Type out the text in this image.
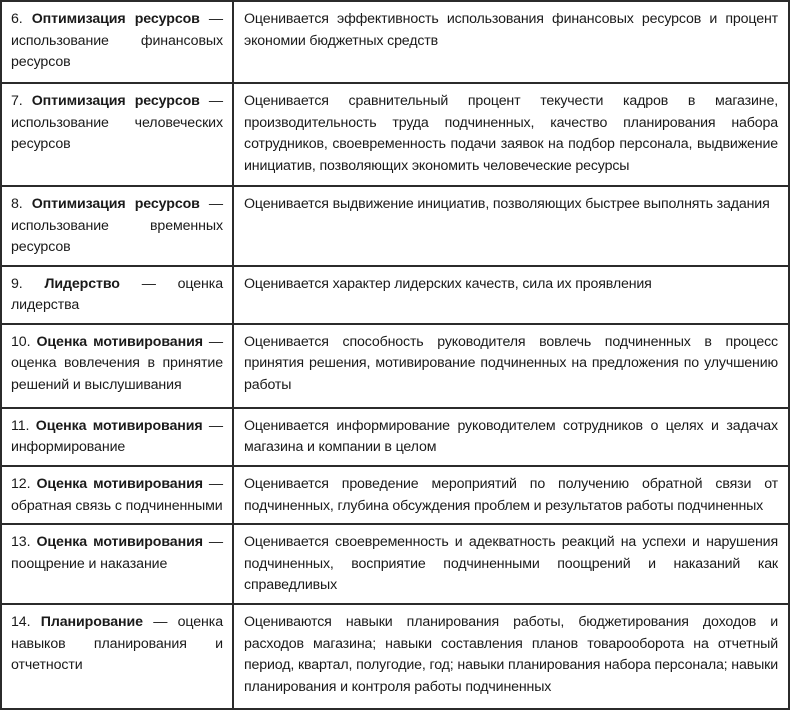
6. Оптимизация ресурсов — использование финансовых ресурсов	Оценивается эффективность использования финансовых ресурсов и процент экономии бюджетных средств
7. Оптимизация ресурсов — использование человеческих ресурсов	Оценивается сравнительный процент текучести кадров в магазине, производительность труда подчиненных, качество планирования набора сотрудников, своевременность подачи заявок на подбор персонала, выдвижение инициатив, позволяющих экономить человеческие ресурсы
8. Оптимизация ресурсов — использование временных ресурсов	Оценивается выдвижение инициатив, позволяющих быстрее выполнять задания
9. Лидерство — оценка лидерства	Оценивается характер лидерских качеств, сила их проявления
10. Оценка мотивирования — оценка вовлечения в принятие решений и выслушивания	Оценивается способность руководителя вовлечь подчиненных в процесс принятия решения, мотивирование подчиненных на предложения по улучшению работы
11. Оценка мотивирования — информирование	Оценивается информирование руководителем сотрудников о целях и задачах магазина и компании в целом
12. Оценка мотивирования — обратная связь с подчиненными	Оценивается проведение мероприятий по получению обратной связи от подчиненных, глубина обсуждения проблем и результатов работы подчиненных
13. Оценка мотивирования — поощрение и наказание	Оценивается своевременность и адекватность реакций на успехи и нарушения подчиненных, восприятие подчиненными поощрений и наказаний как справедливых
14. Планирование — оценка навыков планирования и отчетности	Оцениваются навыки планирования работы, бюджетирования доходов и расходов магазина; навыки составления планов товарооборота на отчетный период, квартал, полугодие, год; навыки планирования набора персонала; навыки планирования и контроля работы подчиненных
